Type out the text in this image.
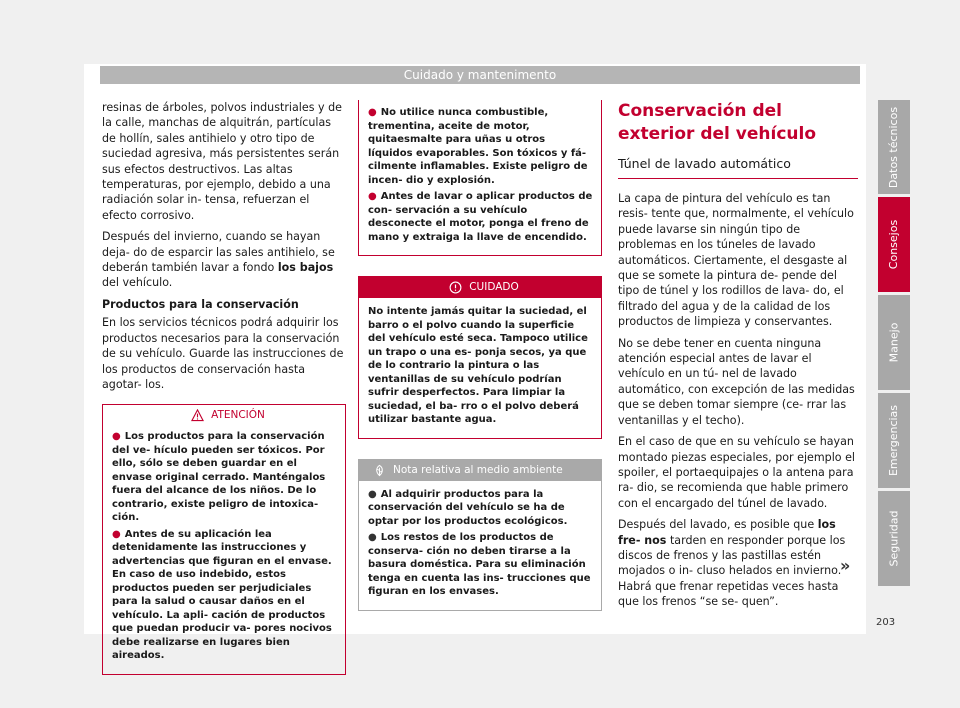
Cuidado y mantenimento

resinas de árboles, polvos industriales y de la calle, manchas de alquitrán, partículas de hollín, sales antihielo y otro tipo de suciedad agresiva, más persistentes serán sus efectos destructivos. Las altas temperaturas, por ejemplo, debido a una radiación solar in- tensa, refuerzan el efecto corrosivo.

Después del invierno, cuando se hayan deja- do de esparcir las sales antihielo, se deberán también lavar a fondo los bajos del vehículo.

Productos para la conservación

En los servicios técnicos podrá adquirir los productos necesarios para la conservación de su vehículo. Guarde las instrucciones de los productos de conservación hasta agotar- los.

ATENCIÓN
● Los productos para la conservación del ve- hículo pueden ser tóxicos. Por ello, sólo se deben guardar en el envase original cerrado. Manténgalos fuera del alcance de los niños. De lo contrario, existe peligro de intoxica- ción.
● Antes de su aplicación lea detenidamente las instrucciones y advertencias que figuran en el envase. En caso de uso indebido, estos productos pueden ser perjudiciales para la salud o causar daños en el vehículo. La apli- cación de productos que puedan producir va- pores nocivos debe realizarse en lugares bien aireados.
● No utilice nunca combustible, trementina, aceite de motor, quitaesmalte para uñas u otros líquidos evaporables. Son tóxicos y fá- cilmente inflamables. Existe peligro de incen- dio y explosión.
● Antes de lavar o aplicar productos de con- servación a su vehículo desconecte el motor, ponga el freno de mano y extraiga la llave de encendido.
CUIDADO
No intente jamás quitar la suciedad, el barro o el polvo cuando la superficie del vehículo esté seca. Tampoco utilice un trapo o una es- ponja secos, ya que de lo contrario la pintura o las ventanillas de su vehículo podrían sufrir desperfectos. Para limpiar la suciedad, el ba- rro o el polvo deberá utilizar bastante agua.
Nota relativa al medio ambiente
● Al adquirir productos para la conservación del vehículo se ha de optar por los productos ecológicos.
● Los restos de los productos de conserva- ción no deben tirarse a la basura doméstica. Para su eliminación tenga en cuenta las ins- trucciones que figuran en los envases.
Conservación del exterior del vehículo
Túnel de lavado automático

La capa de pintura del vehículo es tan resis- tente que, normalmente, el vehículo puede lavarse sin ningún tipo de problemas en los túneles de lavado automáticos. Ciertamente, el desgaste al que se somete la pintura de- pende del tipo de túnel y los rodillos de lava- do, el filtrado del agua y de la calidad de los productos de limpieza y conservantes.

No se debe tener en cuenta ninguna atención especial antes de lavar el vehículo en un tú- nel de lavado automático, con excepción de las medidas que se deben tomar siempre (ce- rrar las ventanillas y el techo).

En el caso de que en su vehículo se hayan montado piezas especiales, por ejemplo el spoiler, el portaequipajes o la antena para ra- dio, se recomienda que hable primero con el encargado del túnel de lavado.

Después del lavado, es posible que los fre- nos tarden en responder porque los discos de frenos y las pastillas estén mojados o in- cluso helados en invierno. Habrá que frenar repetidas veces hasta que los frenos “se se- quen”.

»
Datos técnicos
Consejos
Manejo
Emergencias
Seguridad
203
